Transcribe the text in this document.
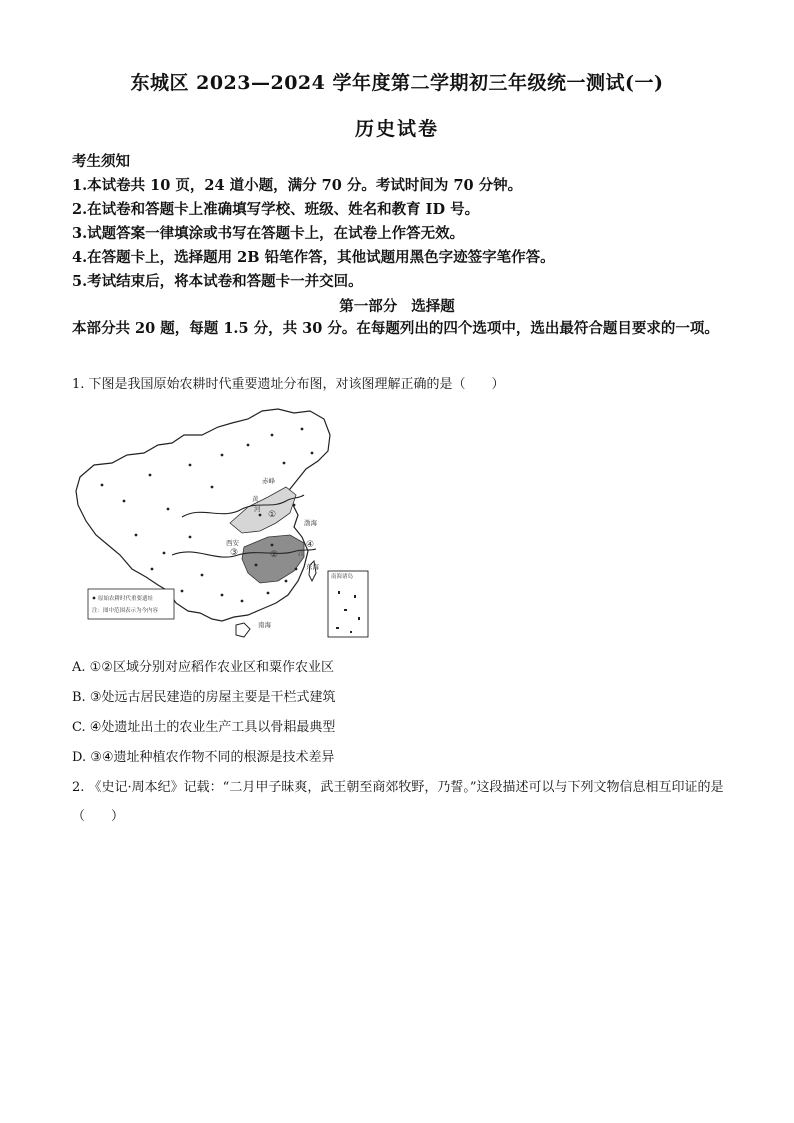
东城区 2023—2024 学年度第二学期初三年级统一测试(一)
历史试卷
考生须知
1.本试卷共 10 页，24 道小题，满分 70 分。考试时间为 70 分钟。
2.在试卷和答题卡上准确填写学校、班级、姓名和教育 ID 号。
3.试题答案一律填涂或书写在答题卡上，在试卷上作答无效。
4.在答题卡上，选择题用 2B 铅笔作答，其他试题用黑色字迹签字笔作答。
5.考试结束后，将本试卷和答题卡一并交回。
第一部分 选择题
本部分共 20 题，每题 1.5 分，共 30 分。在每题列出的四个选项中，选出最符合题目要求的一项。
1. 下图是我国原始农耕时代重要遗址分布图，对该图理解正确的是（　　）
赤峰
渤海
西安
东海
南海
黄
河
江
①
②
③
④
原始农耕时代重要遗址
注：图中范围表示为今内容
南海诸岛
A. ①②区域分别对应稻作农业区和粟作农业区
B. ③处远古居民建造的房屋主要是干栏式建筑
C. ④处遗址出土的农业生产工具以骨耜最典型
D. ③④遗址种植农作物不同的根源是技术差异
2. 《史记·周本纪》记载：“二月甲子昧爽，武王朝至商郊牧野，乃誓。”这段描述可以与下列文物信息相互印证的是（　　）
